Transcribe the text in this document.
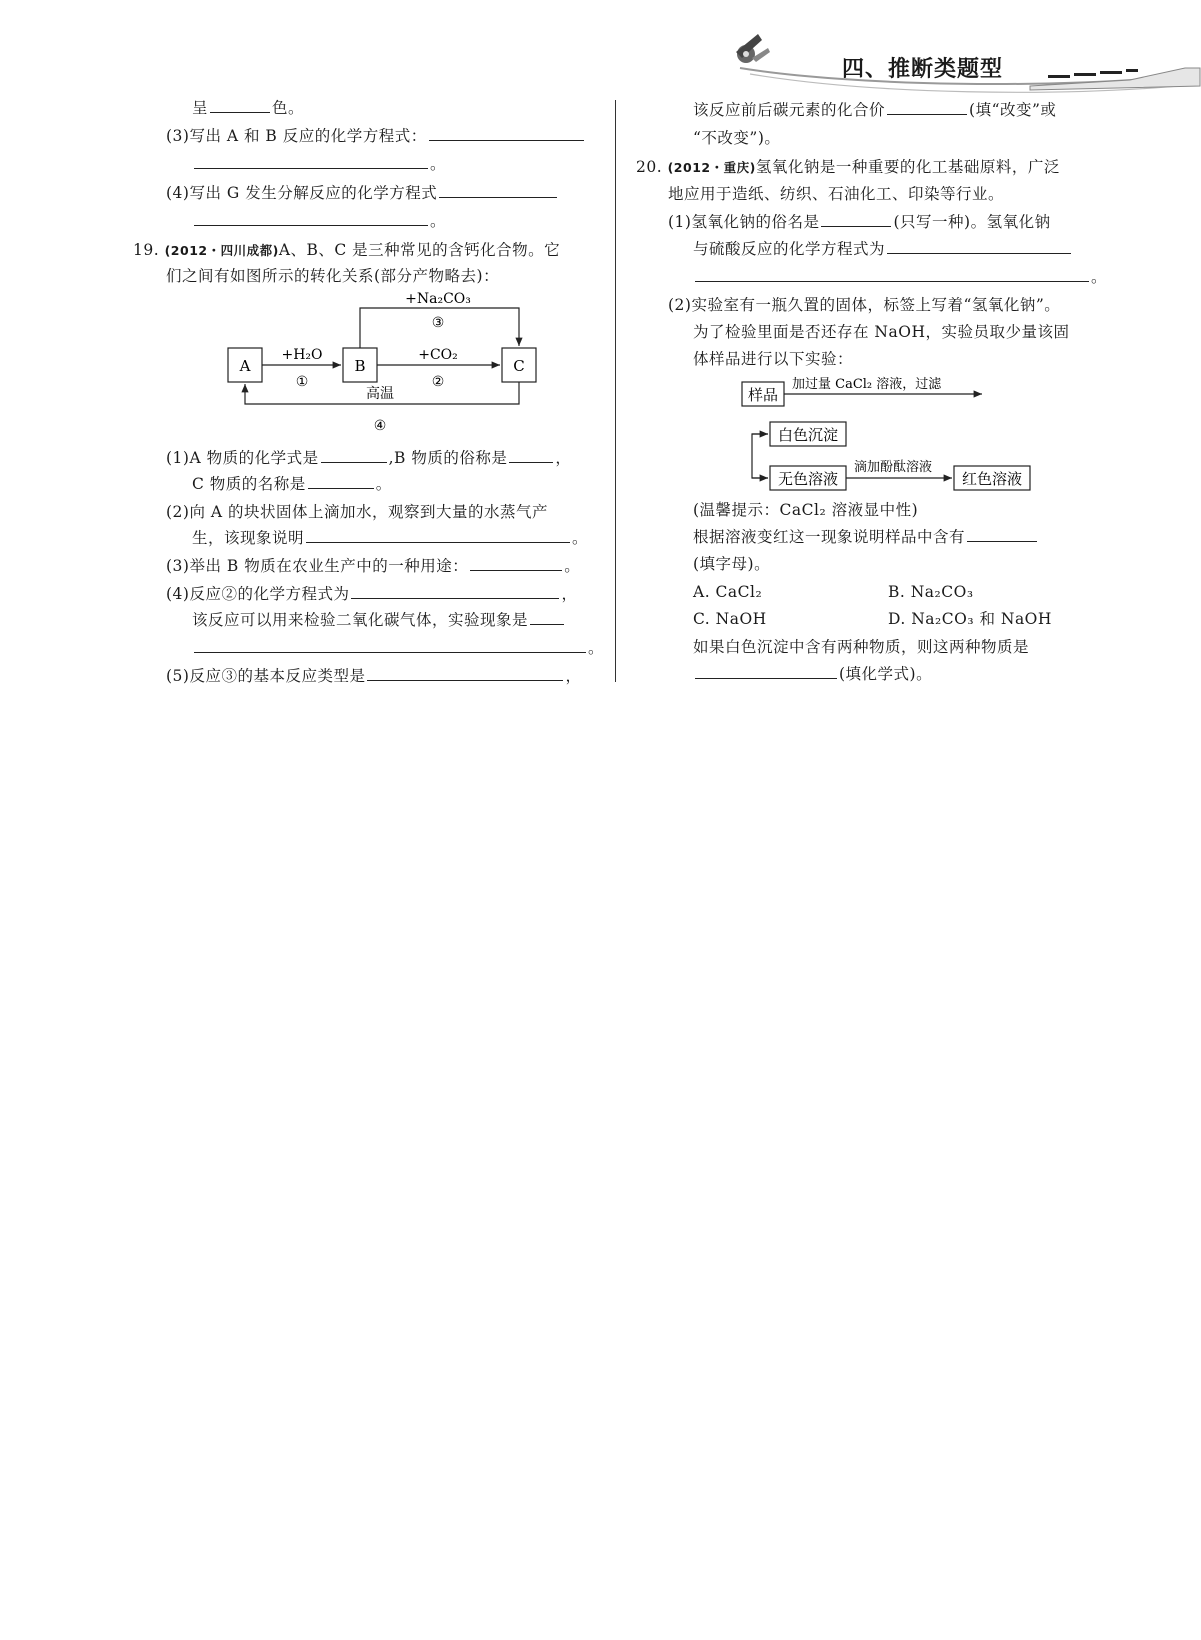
四、推断类题型
呈	色。
(3)写出 A 和 B 反应的化学方程式：
。
(4)写出 G 发生分解反应的化学方程式
。
19. (2012・四川成都)A、B、C 是三种常见的含钙化合物。它
们之间有如图所示的转化关系(部分产物略去)：
A	B	C
+H₂O
①
+CO₂
②
+Na₂CO₃
③
高温
④
(1)A 物质的化学式是	,B 物质的俗称是	，
C 物质的名称是	。
(2)向 A 的块状固体上滴加水，观察到大量的水蒸气产
生，该现象说明	。
(3)举出 B 物质在农业生产中的一种用途：	。
(4)反应②的化学方程式为	，
该反应可以用来检验二氧化碳气体，实验现象是
。
(5)反应③的基本反应类型是	，
该反应前后碳元素的化合价	(填“改变”或
“不改变”)。
20. (2012・重庆)氢氧化钠是一种重要的化工基础原料，广泛
地应用于造纸、纺织、石油化工、印染等行业。
(1)氢氧化钠的俗名是	(只写一种)。氢氧化钠
与硫酸反应的化学方程式为
。
(2)实验室有一瓶久置的固体，标签上写着“氢氧化钠”。
为了检验里面是否还存在 NaOH，实验员取少量该固
体样品进行以下实验：
样品
加过量 CaCl₂ 溶液，过滤
白色沉淀
无色溶液
滴加酚酞溶液
红色溶液
(温馨提示：CaCl₂ 溶液显中性)
根据溶液变红这一现象说明样品中含有
(填字母)。
A. CaCl₂	B. Na₂CO₃
C. NaOH	D. Na₂CO₃ 和 NaOH
如果白色沉淀中含有两种物质，则这两种物质是
(填化学式)。
